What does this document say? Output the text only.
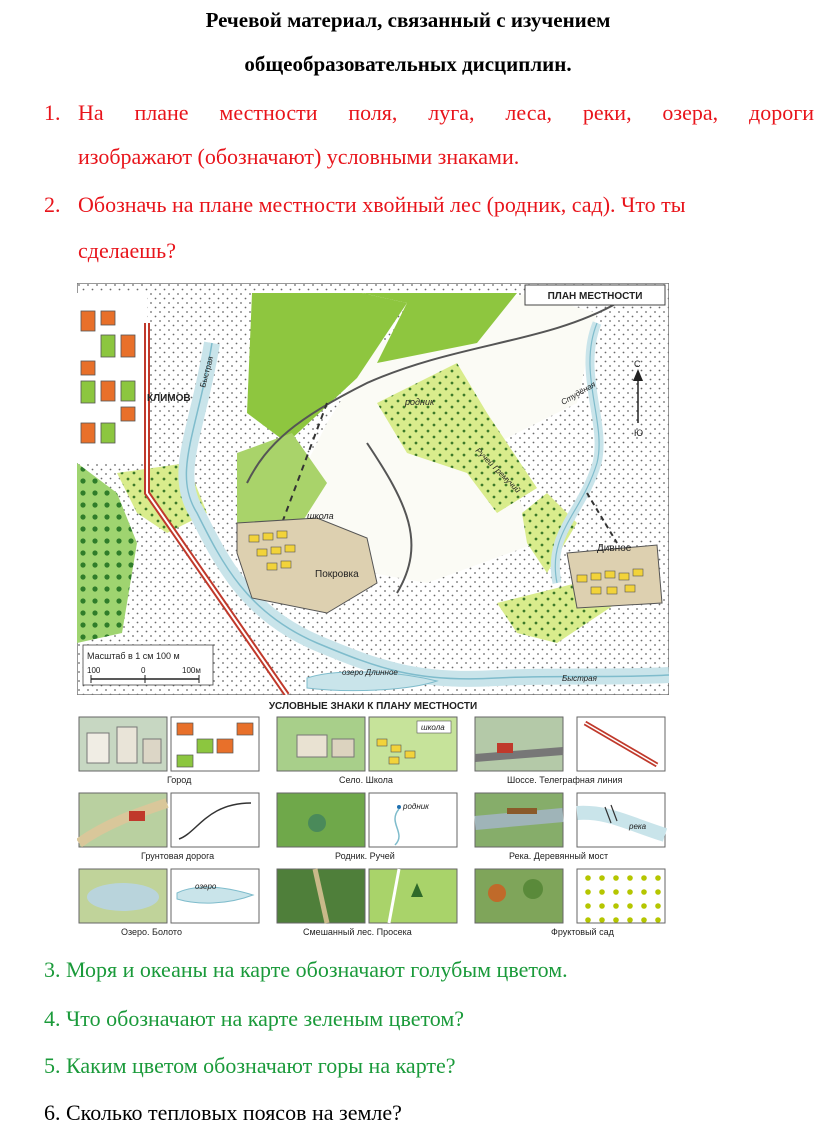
Речевой материал, связанный с изучением
общеобразовательных дисциплин.
1. На плане местности поля, луга, леса, реки, озера, дороги
изображают (обозначают) условными знаками.
2. Обозначь на плане местности хвойный лес (родник, сад). Что ты
сделаешь?
ПЛАН МЕСТНОСТИ
КЛИМОВ
Быстрая
родник	Студёная
Ручей Гремучий
школа
Покровка
Дивное
озеро Длинное
Быстрая
С
Ю
Масштаб в 1 см 100 м
100	0	100м
УСЛОВНЫЕ ЗНАКИ К ПЛАНУ МЕСТНОСТИ
школа
Город	Село. Школа	Шоссе. Телеграфная линия
родник
река
Грунтовая дорога	Родник. Ручей	Река. Деревянный мост
озеро
Озеро. Болото	Смешанный лес. Просека	Фруктовый сад
3. Моря и океаны на карте обозначают голубым цветом.
4. Что обозначают на карте зеленым цветом?
5. Каким цветом обозначают горы на карте?
6. Сколько тепловых поясов на земле?
